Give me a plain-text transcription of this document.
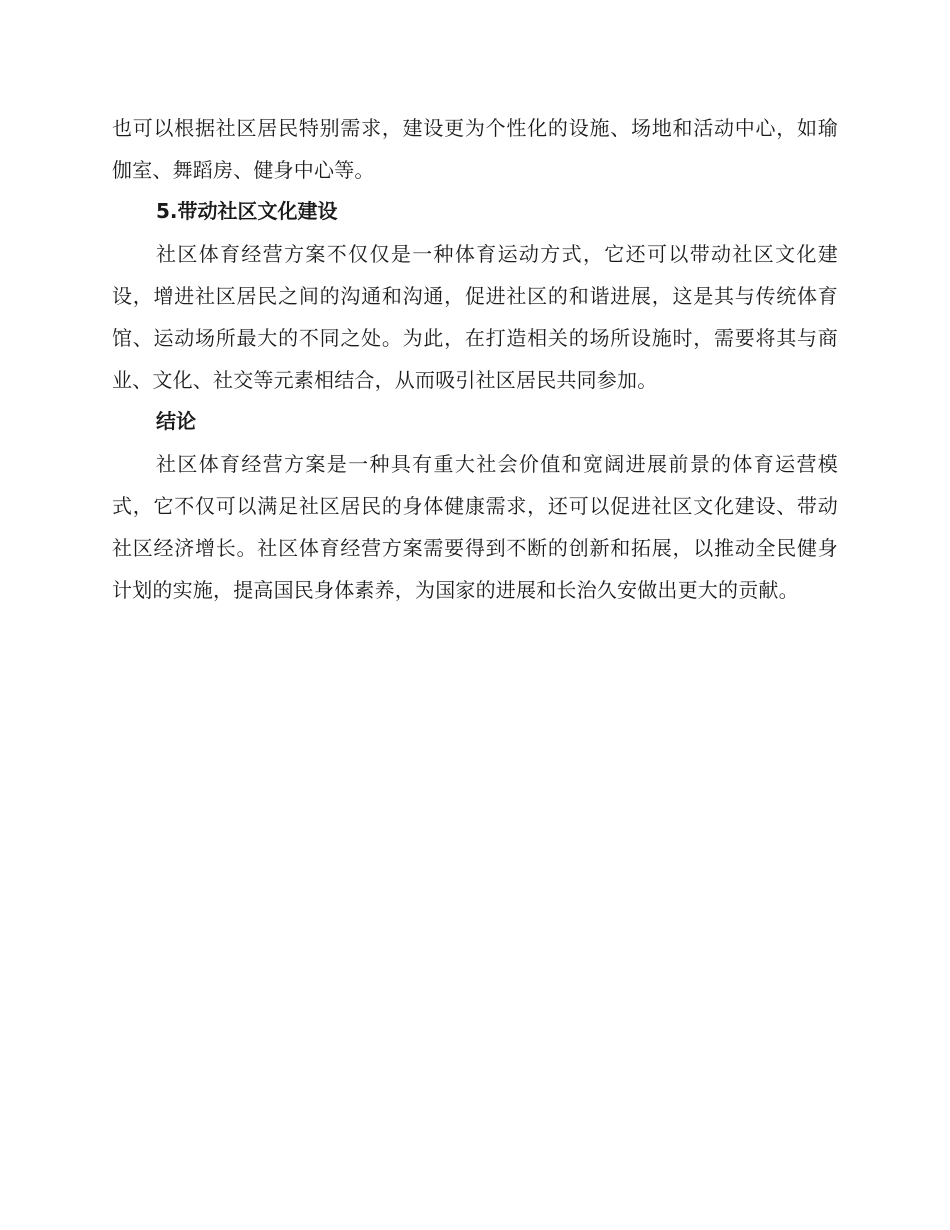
也可以根据社区居民特别需求，建设更为个性化的设施、场地和活动中心，如瑜伽室、舞蹈房、健身中心等。

5.带动社区文化建设

社区体育经营方案不仅仅是一种体育运动方式，它还可以带动社区文化建设，增进社区居民之间的沟通和沟通，促进社区的和谐进展，这是其与传统体育馆、运动场所最大的不同之处。为此，在打造相关的场所设施时，需要将其与商业、文化、社交等元素相结合，从而吸引社区居民共同参加。

结论

社区体育经营方案是一种具有重大社会价值和宽阔进展前景的体育运营模式，它不仅可以满足社区居民的身体健康需求，还可以促进社区文化建设、带动社区经济增长。社区体育经营方案需要得到不断的创新和拓展，以推动全民健身计划的实施，提高国民身体素养，为国家的进展和长治久安做出更大的贡献。
